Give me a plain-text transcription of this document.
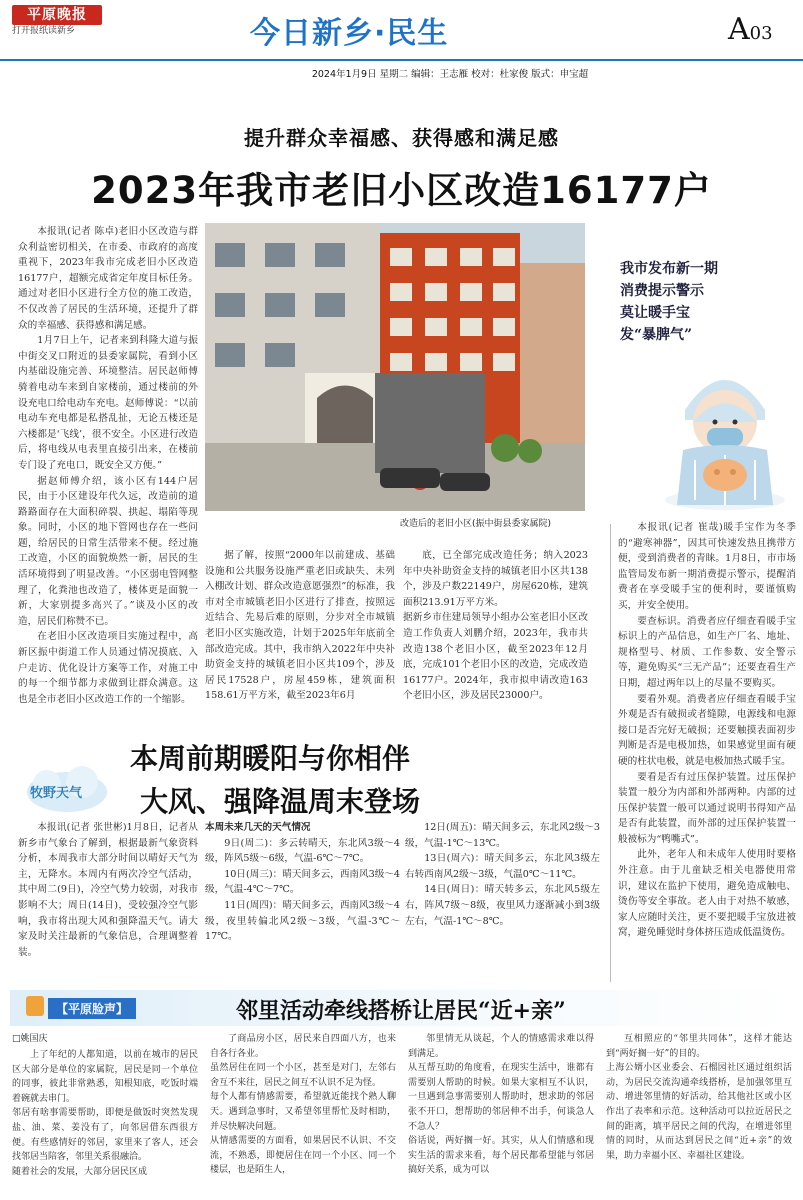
平原晚报
打开报纸读新乡	今日新乡·民生	A03
2024年1月9日 星期二 编辑：王志雁 校对：杜家俊 版式：申宝超
提升群众幸福感、获得感和满足感
2023年我市老旧小区改造16177户

本报讯(记者 陈卓)老旧小区改造与群众利益密切相关，在市委、市政府的高度重视下，2023年我市完成老旧小区改造16177户，超额完成省定年度目标任务。通过对老旧小区进行全方位的施工改造，不仅改善了居民的生活环境，还提升了群众的幸福感、获得感和满足感。

1月7日上午，记者来到科隆大道与振中街交叉口附近的县委家属院，看到小区内基础设施完善、环境整洁。居民赵师傅骑着电动车来到自家楼前，通过楼前的外设充电口给电动车充电。赵师傅说：“以前电动车充电都是私搭乱扯，无论五楼还是六楼都是‘飞线’，很不安全。小区进行改造后，将电线从电表里直接引出来，在楼前专门设了充电口，既安全又方便。”

据赵师傅介绍，该小区有144户居民，由于小区建设年代久远，改造前的道路路面存在大面积碎裂、拱起、塌陷等现象。同时，小区的地下管网也存在一些问题，给居民的日常生活带来不便。经过施工改造，小区的面貌焕然一新，居民的生活环境得到了明显改善。“小区弱电管网整理了，化粪池也改造了，楼体更是面貌一新，大家别提多高兴了。”谈及小区的改造，居民们称赞不已。

在老旧小区改造项目实施过程中，高新区振中街道工作人员通过情况摸底、入户走访、优化设计方案等工作，对施工中的每一个细节都力求做到让群众满意。这也是全市老旧小区改造工作的一个缩影。

改造后的老旧小区(振中街县委家属院)

据了解，按照“2000年以前建成、基础设施和公共服务设施严重老旧或缺失、未列入棚改计划、群众改造意愿强烈”的标准，我市对全市城镇老旧小区进行了排查，按照远近结合、先易后难的原则，分步对全市城镇老旧小区实施改造，计划于2025年年底前全部改造完成。其中，我市纳入2022年中央补助资金支持的城镇老旧小区共109个，涉及居民17528户，房屋459栋，建筑面积158.61万平方米，截至2023年6月

底，已全部完成改造任务；纳入2023年中央补助资金支持的城镇老旧小区共138个，涉及户数22149户，房屋620栋，建筑面积213.91万平方米。
据新乡市住建局领导小组办公室老旧小区改造工作负责人刘鹏介绍，2023年，我市共改造138个老旧小区，截至2023年12月底，完成101个老旧小区的改造，完成改造16177户。2024年，我市拟申请改造163个老旧小区，涉及居民23000户。
我市发布新一期
消费提示警示
莫让暖手宝
发“暴脾气”

本报讯(记者 崔哉)暖手宝作为冬季的“避寒神器”，因其可快速发热且携带方便，受到消费者的青睐。1月8日，市市场监管局发布新一期消费提示警示，提醒消费者在享受暖手宝的便利时，要谨慎购买，并安全使用。

要查标识。消费者应仔细查看暖手宝标识上的产品信息，如生产厂名、地址、规格型号、材质、工作参数、安全警示等，避免购买“三无产品”；还要查看生产日期，超过两年以上的尽量不要购买。

要看外观。消费者应仔细查看暖手宝外观是否有破损或者缝隙，电源线和电源接口是否完好无破损；还要触摸表面初步判断是否是电极加热，如果感觉里面有硬硬的柱状电极，就是电极加热式暖手宝。

要看是否有过压保护装置。过压保护装置一般分为内部和外部两种。内部的过压保护装置一般可以通过说明书得知产品是否有此装置，而外部的过压保护装置一般被标为“鸭嘴式”。

此外，老年人和未成年人使用时要格外注意。由于儿童缺乏相关电器使用常识，建议在监护下使用，避免造成触电、烫伤等安全事故。老人由于对热不敏感，家人应随时关注，更不要把暖手宝放进被窝，避免睡觉时身体挤压造成低温烫伤。

牧野天气
本周前期暖阳与你相伴
大风、强降温周末登场
本报讯(记者 张世彬)1月8日，记者从新乡市气象台了解到，根据最新气象资料分析，本周我市大部分时间以晴好天气为主，无降水。本周内有两次冷空气活动，其中周二(9日)，冷空气势力较弱，对我市影响不大；周日(14日)，受较强冷空气影响，我市将出现大风和强降温天气。请大家及时关注最新的气象信息，合理调整着装。
本周未来几天的天气情况

9日(周二)：多云转晴天，东北风3级～4级，阵风5级～6级，气温-6℃～7℃。

10日(周三)：晴天间多云，西南风3级～4级，气温-4℃～7℃。

11日(周四)：晴天间多云，西南风3级～4级，夜里转偏北风2级～3级，气温-3℃～17℃。

12日(周五)：晴天间多云，东北风2级～3级，气温-1℃～13℃。

13日(周六)：晴天间多云，东北风3级左右转西南风2级～3级，气温0℃～11℃。

14日(周日)：晴天转多云，东北风5级左右，阵风7级～8级，夜里风力逐渐减小到3级左右，气温-1℃～8℃。

【平原脸声】	邻里活动牵线搭桥让居民“近+亲”
□姚国庆
上了年纪的人都知道，以前在城市的居民区大部分是单位的家属院，居民是同一个单位的同事，彼此非常熟悉，知根知底，吃饭时端着碗就去串门。
邻居有啥事需要帮助，即便是做饭时突然发现盐、油、菜、姜没有了，向邻居借东西很方便。有些感情好的邻居，家里来了客人，还会找邻居当陪客，邻里关系很融洽。
随着社会的发展，大部分居民区成
了商品房小区，居民来自四面八方，也来自各行各业。
虽然居住在同一个小区，甚至是对门，左邻右舍互不来往，居民之间互不认识不足为怪。
每个人都有情感需要，希望就近能找个熟人聊天。遇到急事时，又希望邻里帮忙及时相助，并尽快解决问题。
从情感需要的方面看，如果居民不认识、不交流，不熟悉，即便居住在同一个小区、同一个楼层，也是陌生人，
邻里情无从谈起，个人的情感需求难以得到满足。
从互帮互助的角度看，在现实生活中，谁都有需要别人帮助的时候。如果大家相互不认识，一旦遇到急事需要别人帮助时，想求助的邻居张不开口，想帮助的邻居伸不出手，何谈急人不急人？
俗话说，两好搁一好。其实，从人们情感和现实生活的需求来看，每个居民都希望能与邻居搞好关系，成为可以
互相照应的“邻里共同体”，这样才能达到“两好搁一好”的目的。
上海公婿小区业委会、石榴园社区通过组织活动，为居民交流沟通牵线搭桥，是加强邻里互动、增进邻里情的好活动，给其他社区或小区作出了表率和示范。这种活动可以拉近居民之间的距离，填平居民之间的代沟，在增进邻里情的同时，从而达到居民之间“近+亲”的效果，助力幸福小区、幸福社区建设。
